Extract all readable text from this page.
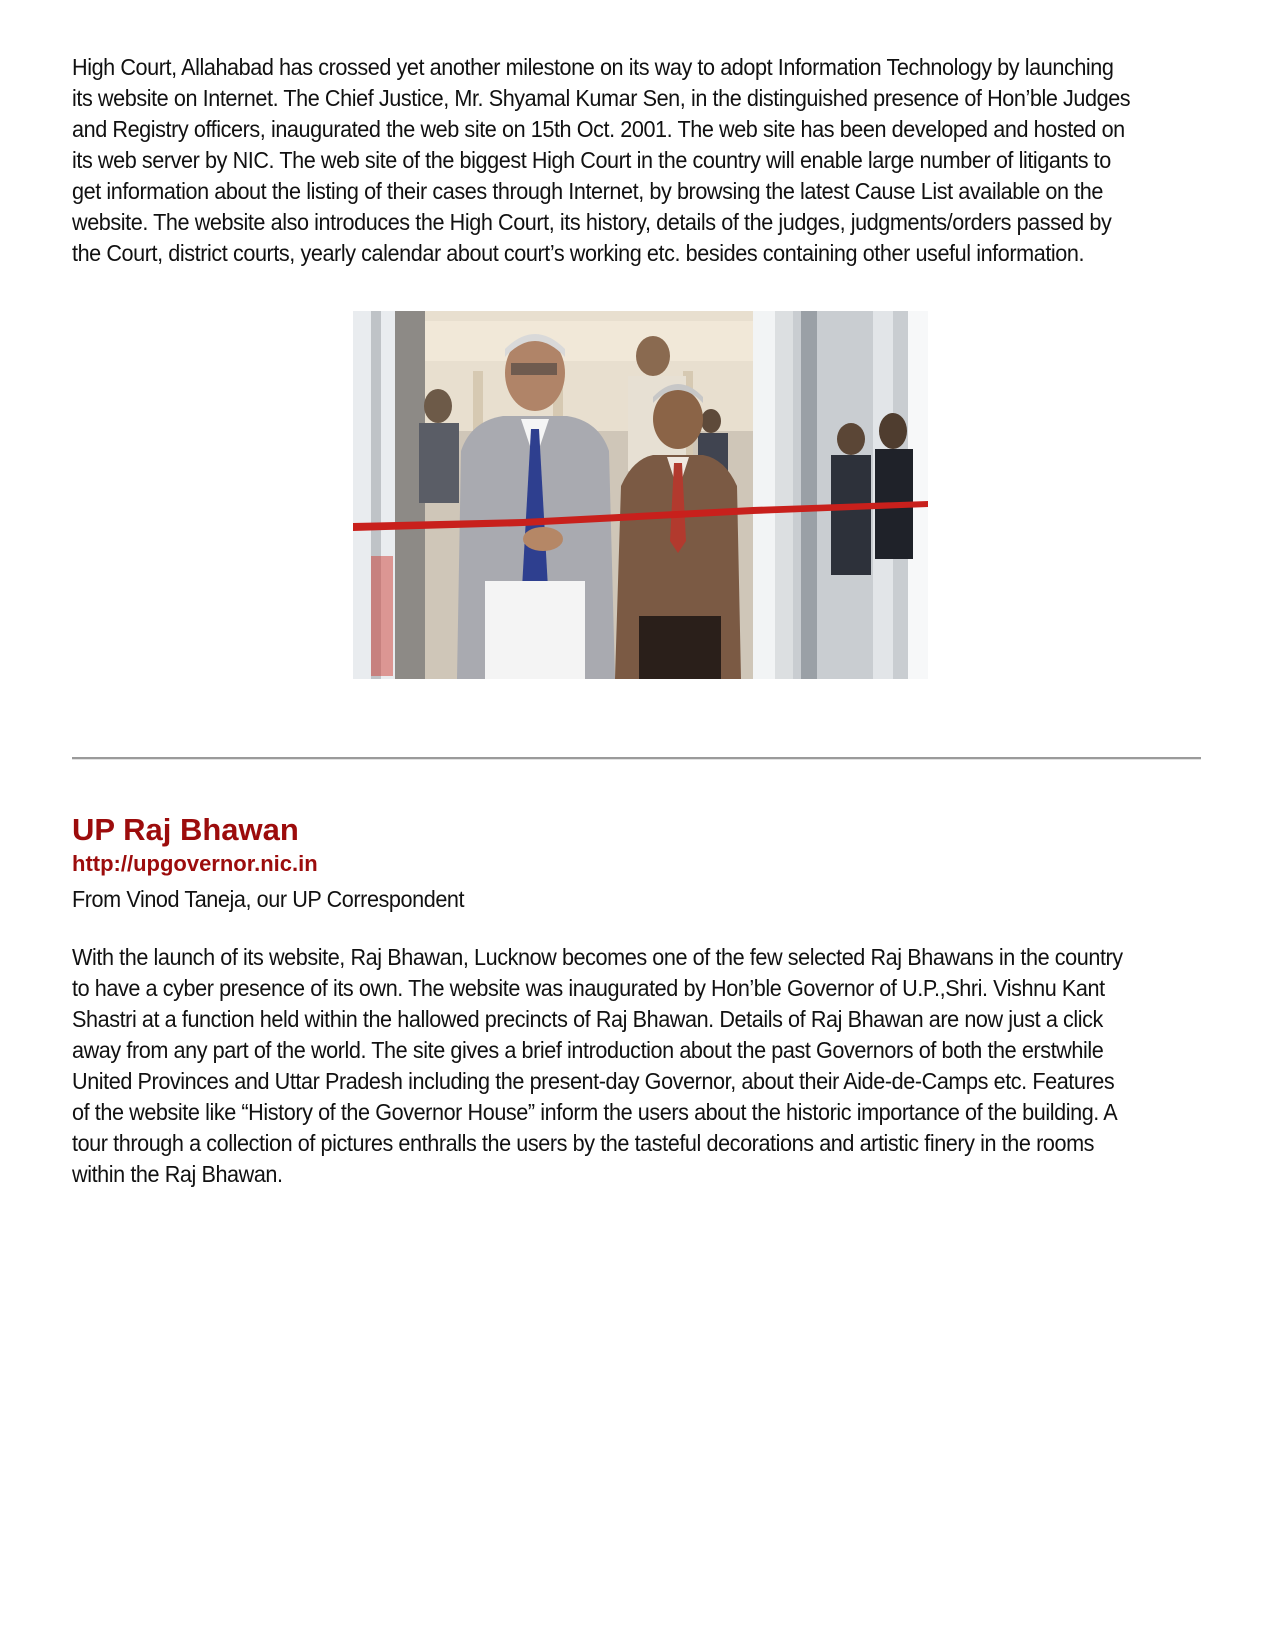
High Court, Allahabad has crossed yet another milestone on its way to adopt Information Technology by launching its website on Internet. The Chief Justice, Mr. Shyamal Kumar Sen, in the distinguished presence of Hon’ble Judges and Registry officers, inaugurated the web site on 15th Oct. 2001. The web site has been developed and hosted on its web server by NIC. The web site of the biggest High Court in the country will enable large number of litigants to get information about the listing of their cases through Internet, by browsing the latest Cause List available on the website. The website also introduces the High Court, its history, details of the judges, judgments/orders passed by the Court, district courts, yearly calendar about court’s working etc. besides containing other useful information.

UP Raj Bhawan
http://upgovernor.nic.in

From Vinod Taneja, our UP Correspondent

With the launch of its website, Raj Bhawan, Lucknow becomes one of the few selected Raj Bhawans in the country to have a cyber presence of its own. The website was inaugurated by Hon’ble Governor of U.P.,Shri. Vishnu Kant Shastri at a function held within the hallowed precincts of Raj Bhawan. Details of Raj Bhawan are now just a click away from any part of the world. The site gives a brief introduction about the past Governors of both the erstwhile United Provinces and Uttar Pradesh including the present-day Governor, about their Aide-de-Camps etc. Features of the website like “History of the Governor House” inform the users about the historic importance of the building. A tour through a collection of pictures enthralls the users by the tasteful decorations and artistic finery in the rooms within the Raj Bhawan.
